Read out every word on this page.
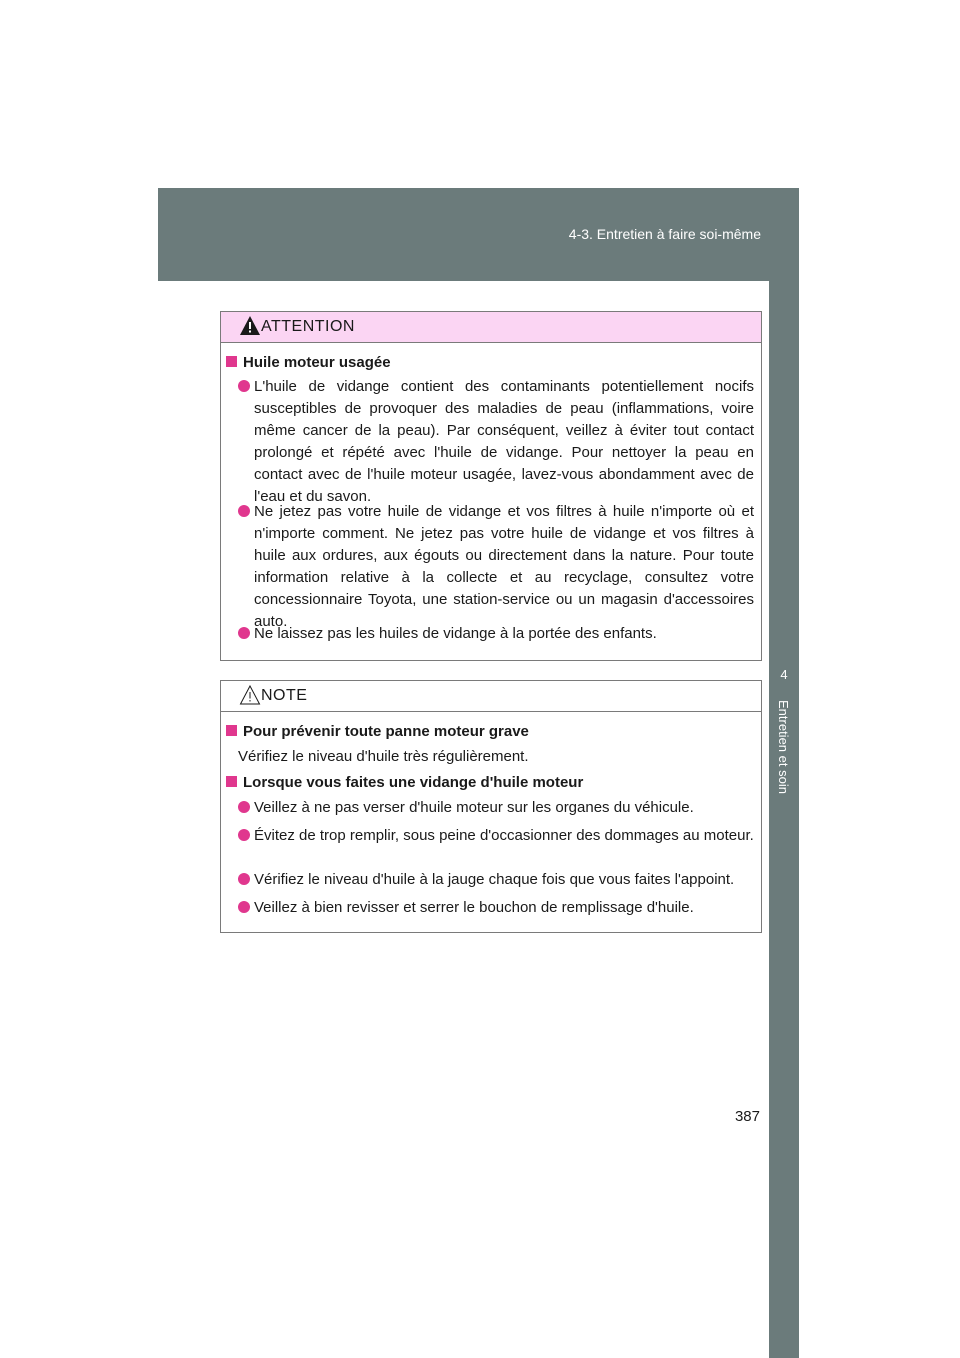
4-3. Entretien à faire soi-même
4
Entretien et soin
ATTENTION
Huile moteur usagée
L'huile de vidange contient des contaminants potentiellement nocifs susceptibles de provoquer des maladies de peau (inflammations, voire même cancer de la peau). Par conséquent, veillez à éviter tout contact prolongé et répété avec l'huile de vidange. Pour nettoyer la peau en contact avec de l'huile moteur usagée, lavez-vous abondamment avec de l'eau et du savon.
Ne jetez pas votre huile de vidange et vos filtres à huile n'importe où et n'importe comment. Ne jetez pas votre huile de vidange et vos filtres à huile aux ordures, aux égouts ou directement dans la nature. Pour toute information relative à la collecte et au recyclage, consultez votre concessionnaire Toyota, une station-service ou un magasin d'accessoires auto.
Ne laissez pas les huiles de vidange à la portée des enfants.
NOTE
Pour prévenir toute panne moteur grave
Vérifiez le niveau d'huile très régulièrement.
Lorsque vous faites une vidange d'huile moteur
Veillez à ne pas verser d'huile moteur sur les organes du véhicule.
Évitez de trop remplir, sous peine d'occasionner des dommages au moteur.
Vérifiez le niveau d'huile à la jauge chaque fois que vous faites l'appoint.
Veillez à bien revisser et serrer le bouchon de remplissage d'huile.
387
